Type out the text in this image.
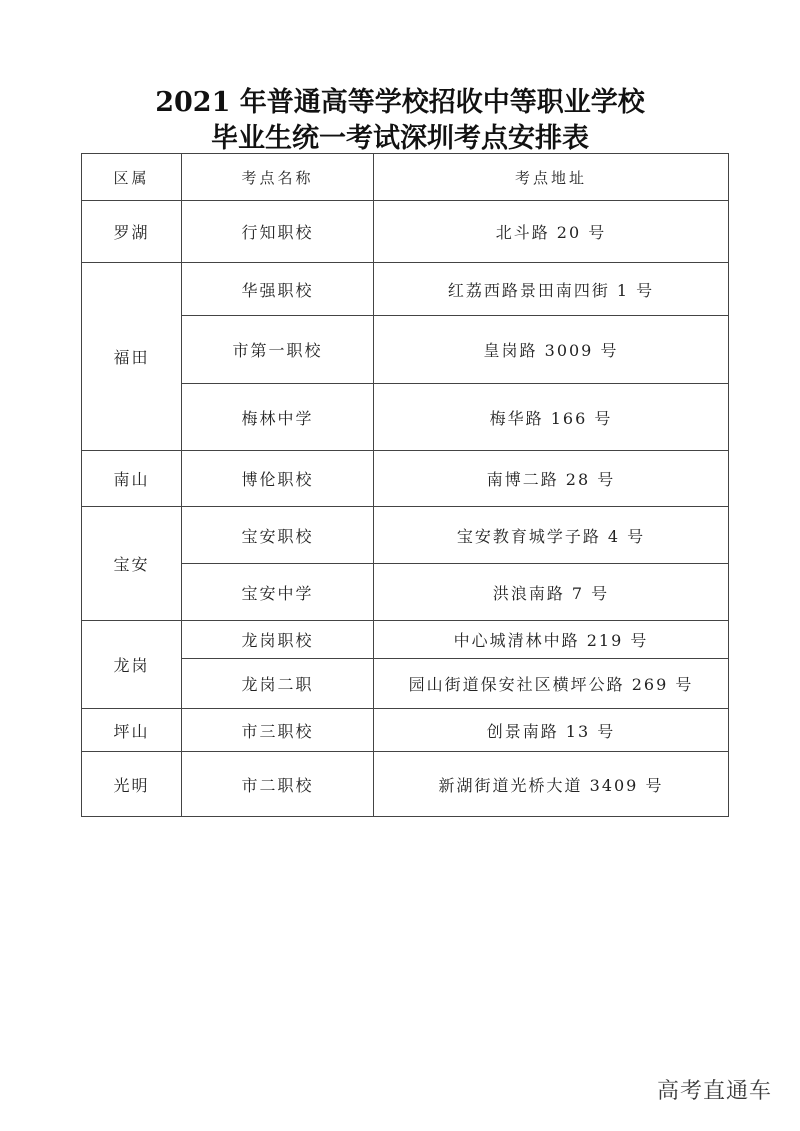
2021 年普通高等学校招收中等职业学校
毕业生统一考试深圳考点安排表
区属	考点名称	考点地址
罗湖	行知职校	北斗路 20 号
福田	华强职校	红荔西路景田南四街 1 号
	市第一职校	皇岗路 3009 号
	梅林中学	梅华路 166 号
南山	博伦职校	南博二路 28 号
宝安	宝安职校	宝安教育城学子路 4 号
	宝安中学	洪浪南路 7 号
龙岗	龙岗职校	中心城清林中路 219 号
	龙岗二职	园山街道保安社区横坪公路 269 号
坪山	市三职校	创景南路 13 号
光明	市二职校	新湖街道光桥大道 3409 号
高考直通车
